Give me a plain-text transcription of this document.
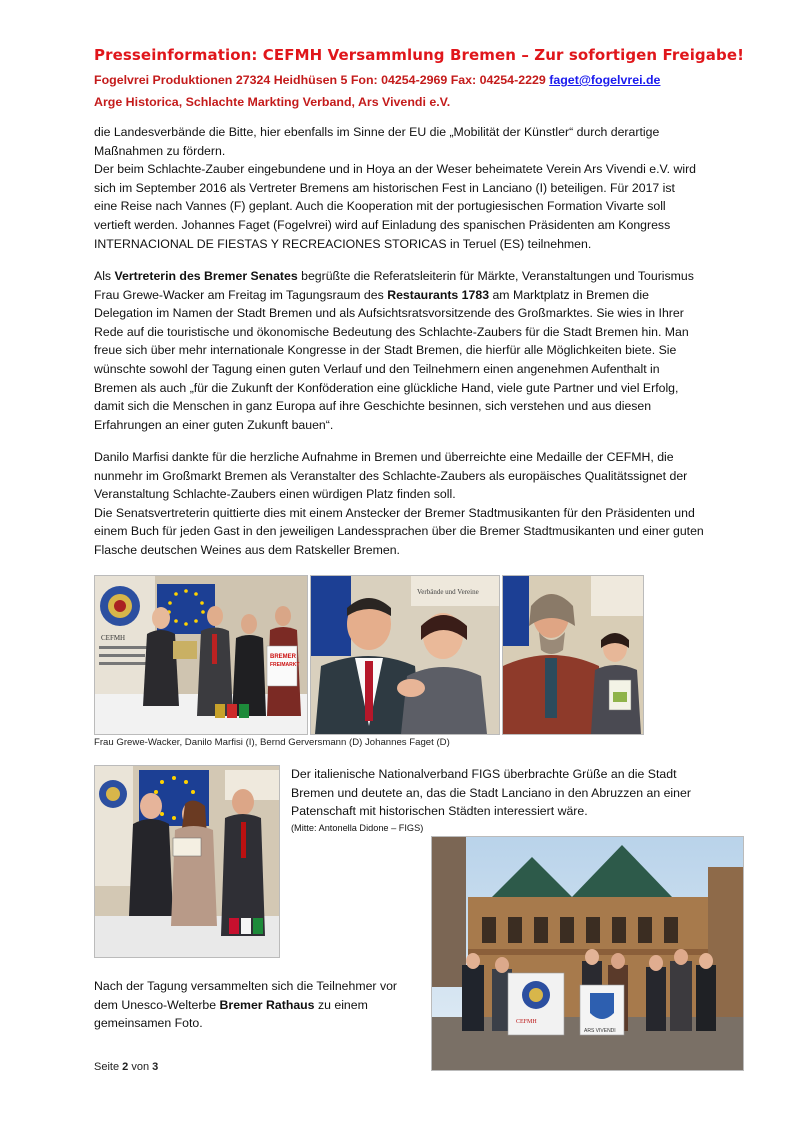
Presseinformation: CEFMH Versammlung Bremen – Zur sofortigen Freigabe!
Fogelvrei Produktionen 27324 Heidhüsen 5 Fon: 04254-2969 Fax: 04254-2229 faget@fogelvrei.de
Arge Historica, Schlachte Markting Verband, Ars Vivendi e.V.
die Landesverbände die Bitte, hier ebenfalls im Sinne der EU die „Mobilität der Künstler“ durch derartige
Maßnahmen zu fördern.
Der beim Schlachte-Zauber eingebundene und in Hoya an der Weser beheimatete Verein Ars Vivendi e.V. wird
sich im September 2016 als Vertreter Bremens am historischen Fest in Lanciano (I) beteiligen. Für 2017 ist
eine Reise nach Vannes (F) geplant. Auch die Kooperation mit der portugiesischen Formation Vivarte soll
vertieft werden. Johannes Faget (Fogelvrei) wird auf Einladung des spanischen Präsidenten am Kongress
INTERNACIONAL DE FIESTAS Y RECREACIONES STORICAS in Teruel (ES) teilnehmen.
Als Vertreterin des Bremer Senates begrüßte die Referatsleiterin für Märkte, Veranstaltungen und Tourismus
Frau Grewe-Wacker am Freitag im Tagungsraum des Restaurants 1783 am Marktplatz in Bremen die
Delegation im Namen der Stadt Bremen und als Aufsichtsratsvorsitzende des Großmarktes. Sie wies in Ihrer
Rede auf die touristische und ökonomische Bedeutung des Schlachte-Zaubers für die Stadt Bremen hin. Man
freue sich über mehr internationale Kongresse in der Stadt Bremen, die hierfür alle Möglichkeiten biete. Sie
wünschte sowohl der Tagung einen guten Verlauf und den Teilnehmern einen angenehmen Aufenthalt in
Bremen als auch „für die Zukunft der Konföderation eine glückliche Hand, viele gute Partner und viel Erfolg,
damit sich die Menschen in ganz Europa auf ihre Geschichte besinnen, sich verstehen und aus diesen
Erfahrungen an einer guten Zukunft bauen“.
Danilo Marfisi dankte für die herzliche Aufnahme in Bremen und überreichte eine Medaille der CEFMH, die
nunmehr im Großmarkt Bremen als Veranstalter des Schlachte-Zaubers als europäisches Qualitätssignet der
Veranstaltung Schlachte-Zaubers einen würdigen Platz finden soll.
Die Senatsvertreterin quittierte dies mit einem Anstecker der Bremer Stadtmusikanten für den Präsidenten und
einem Buch für jeden Gast in den jeweiligen Landessprachen über die Bremer Stadtmusikanten und einer guten
Flasche deutschen Weines aus dem Ratskeller Bremen.
CEFMH
BREMER
FREIMARKT
Verbände und Vereine
Frau Grewe-Wacker, Danilo Marfisi (I), Bernd Gerversmann (D) Johannes Faget (D)
Der italienische Nationalverband FIGS überbrachte Grüße an die Stadt
Bremen und deutete an, das die Stadt Lanciano in den Abruzzen an einer
Patenschaft mit historischen Städten interessiert wäre.
(Mitte: Antonella Didone – FIGS)
CEFMH
ARS VIVENDI
Nach der Tagung versammelten sich die Teilnehmer vor
dem Unesco-Welterbe Bremer Rathaus zu einem
gemeinsamen Foto.
Seite 2 von 3
